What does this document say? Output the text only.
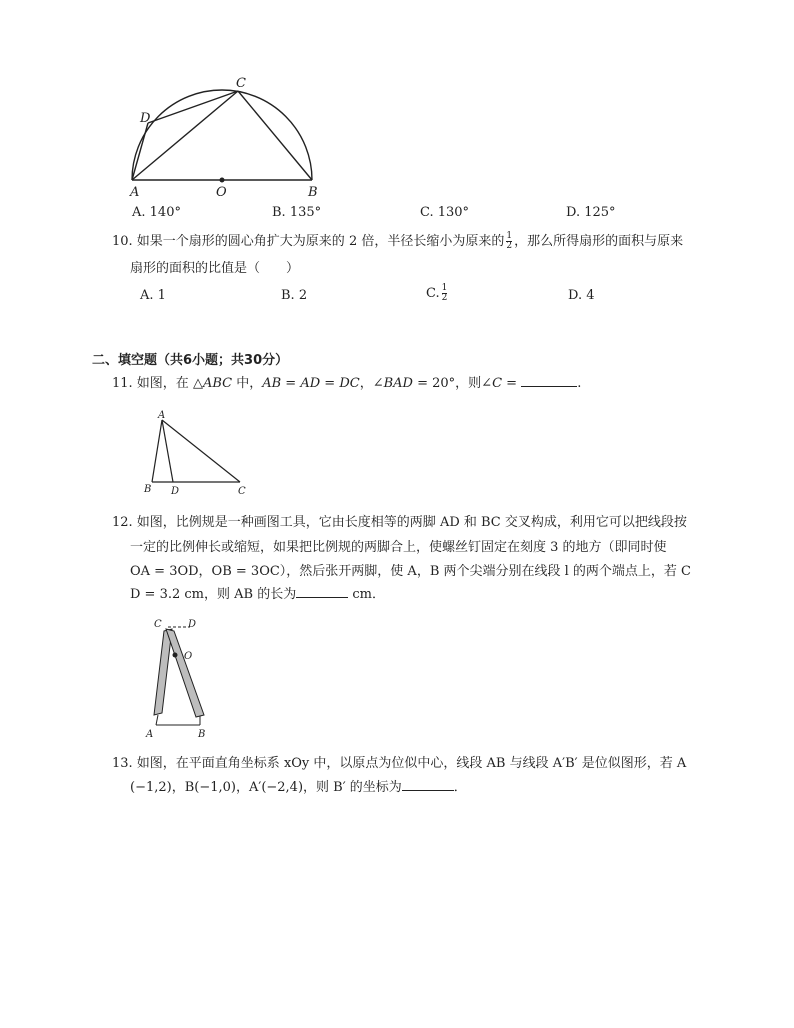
A	O	B
C
D
A. 140°	B. 135°	C. 130°	D. 125°
10. 如果一个扇形的圆心角扩大为原来的 2 倍，半径长缩小为原来的 $\frac{1}{2}$ ，那么所得扇形的面积与原来
扇形的面积的比值是（　　）
A. 1	B. 2	C. $\frac{1}{2}$	D. 4
二、填空题（共6小题；共30分）
11. 如图，在 △ABC 中，AB = AD = DC，∠BAD = 20°，则∠C =	.
A
B D	C
12. 如图，比例规是一种画图工具，它由长度相等的两脚 AD 和 BC 交叉构成，利用它可以把线段按
一定的比例伸长或缩短，如果把比例规的两脚合上，使螺丝钉固定在刻度 3 的地方（即同时使
OA = 3OD，OB = 3OC），然后张开两脚，使 A，B 两个尖端分别在线段 l 的两个端点上，若 C
D = 3.2 cm，则 AB 的长为	cm．
C	D
O
A	B
13. 如图，在平面直角坐标系 xOy 中，以原点为位似中心，线段 AB 与线段 A′B′ 是位似图形，若 A
(−1,2)，B(−1,0)，A′(−2,4)，则 B′ 的坐标为	．
